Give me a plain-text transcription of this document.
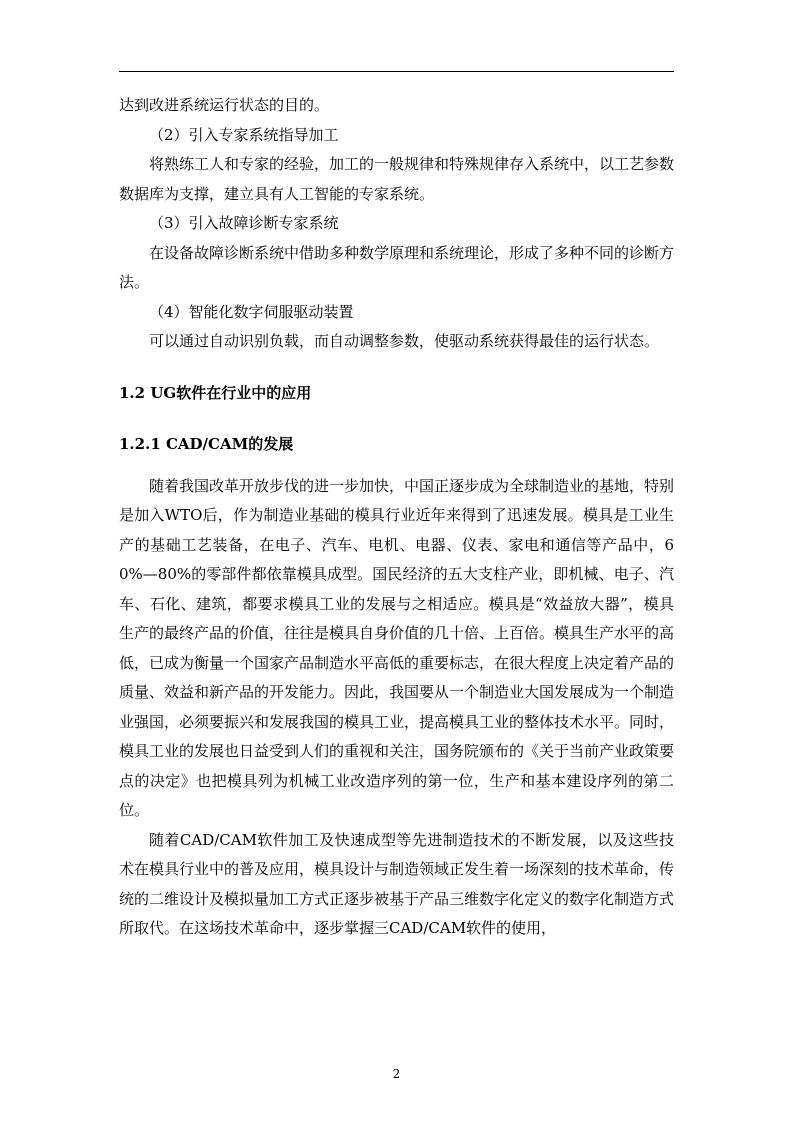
达到改进系统运行状态的目的。

（2）引入专家系统指导加工

将熟练工人和专家的经验，加工的一般规律和特殊规律存入系统中，以工艺参数数据库为支撑，建立具有人工智能的专家系统。

（3）引入故障诊断专家系统

在设备故障诊断系统中借助多种数学原理和系统理论，形成了多种不同的诊断方法。

（4）智能化数字伺服驱动装置

可以通过自动识别负载，而自动调整参数，使驱动系统获得最佳的运行状态。

1.2 UG软件在行业中的应用
1.2.1 CAD/CAM的发展

随着我国改革开放步伐的进一步加快，中国正逐步成为全球制造业的基地，特别是加入WTO后，作为制造业基础的模具行业近年来得到了迅速发展。模具是工业生产的基础工艺装备，在电子、汽车、电机、电器、仪表、家电和通信等产品中，60%—80%的零部件都依靠模具成型。国民经济的五大支柱产业，即机械、电子、汽车、石化、建筑，都要求模具工业的发展与之相适应。模具是“效益放大器”，模具生产的最终产品的价值，往往是模具自身价值的几十倍、上百倍。模具生产水平的高低，已成为衡量一个国家产品制造水平高低的重要标志，在很大程度上决定着产品的质量、效益和新产品的开发能力。因此，我国要从一个制造业大国发展成为一个制造业强国，必须要振兴和发展我国的模具工业，提高模具工业的整体技术水平。同时，模具工业的发展也日益受到人们的重视和关注，国务院颁布的《关于当前产业政策要点的决定》也把模具列为机械工业改造序列的第一位，生产和基本建设序列的第二位。

随着CAD/CAM软件加工及快速成型等先进制造技术的不断发展，以及这些技术在模具行业中的普及应用，模具设计与制造领域正发生着一场深刻的技术革命，传统的二维设计及模拟量加工方式正逐步被基于产品三维数字化定义的数字化制造方式所取代。在这场技术革命中，逐步掌握三CAD/CAM软件的使用，

2
